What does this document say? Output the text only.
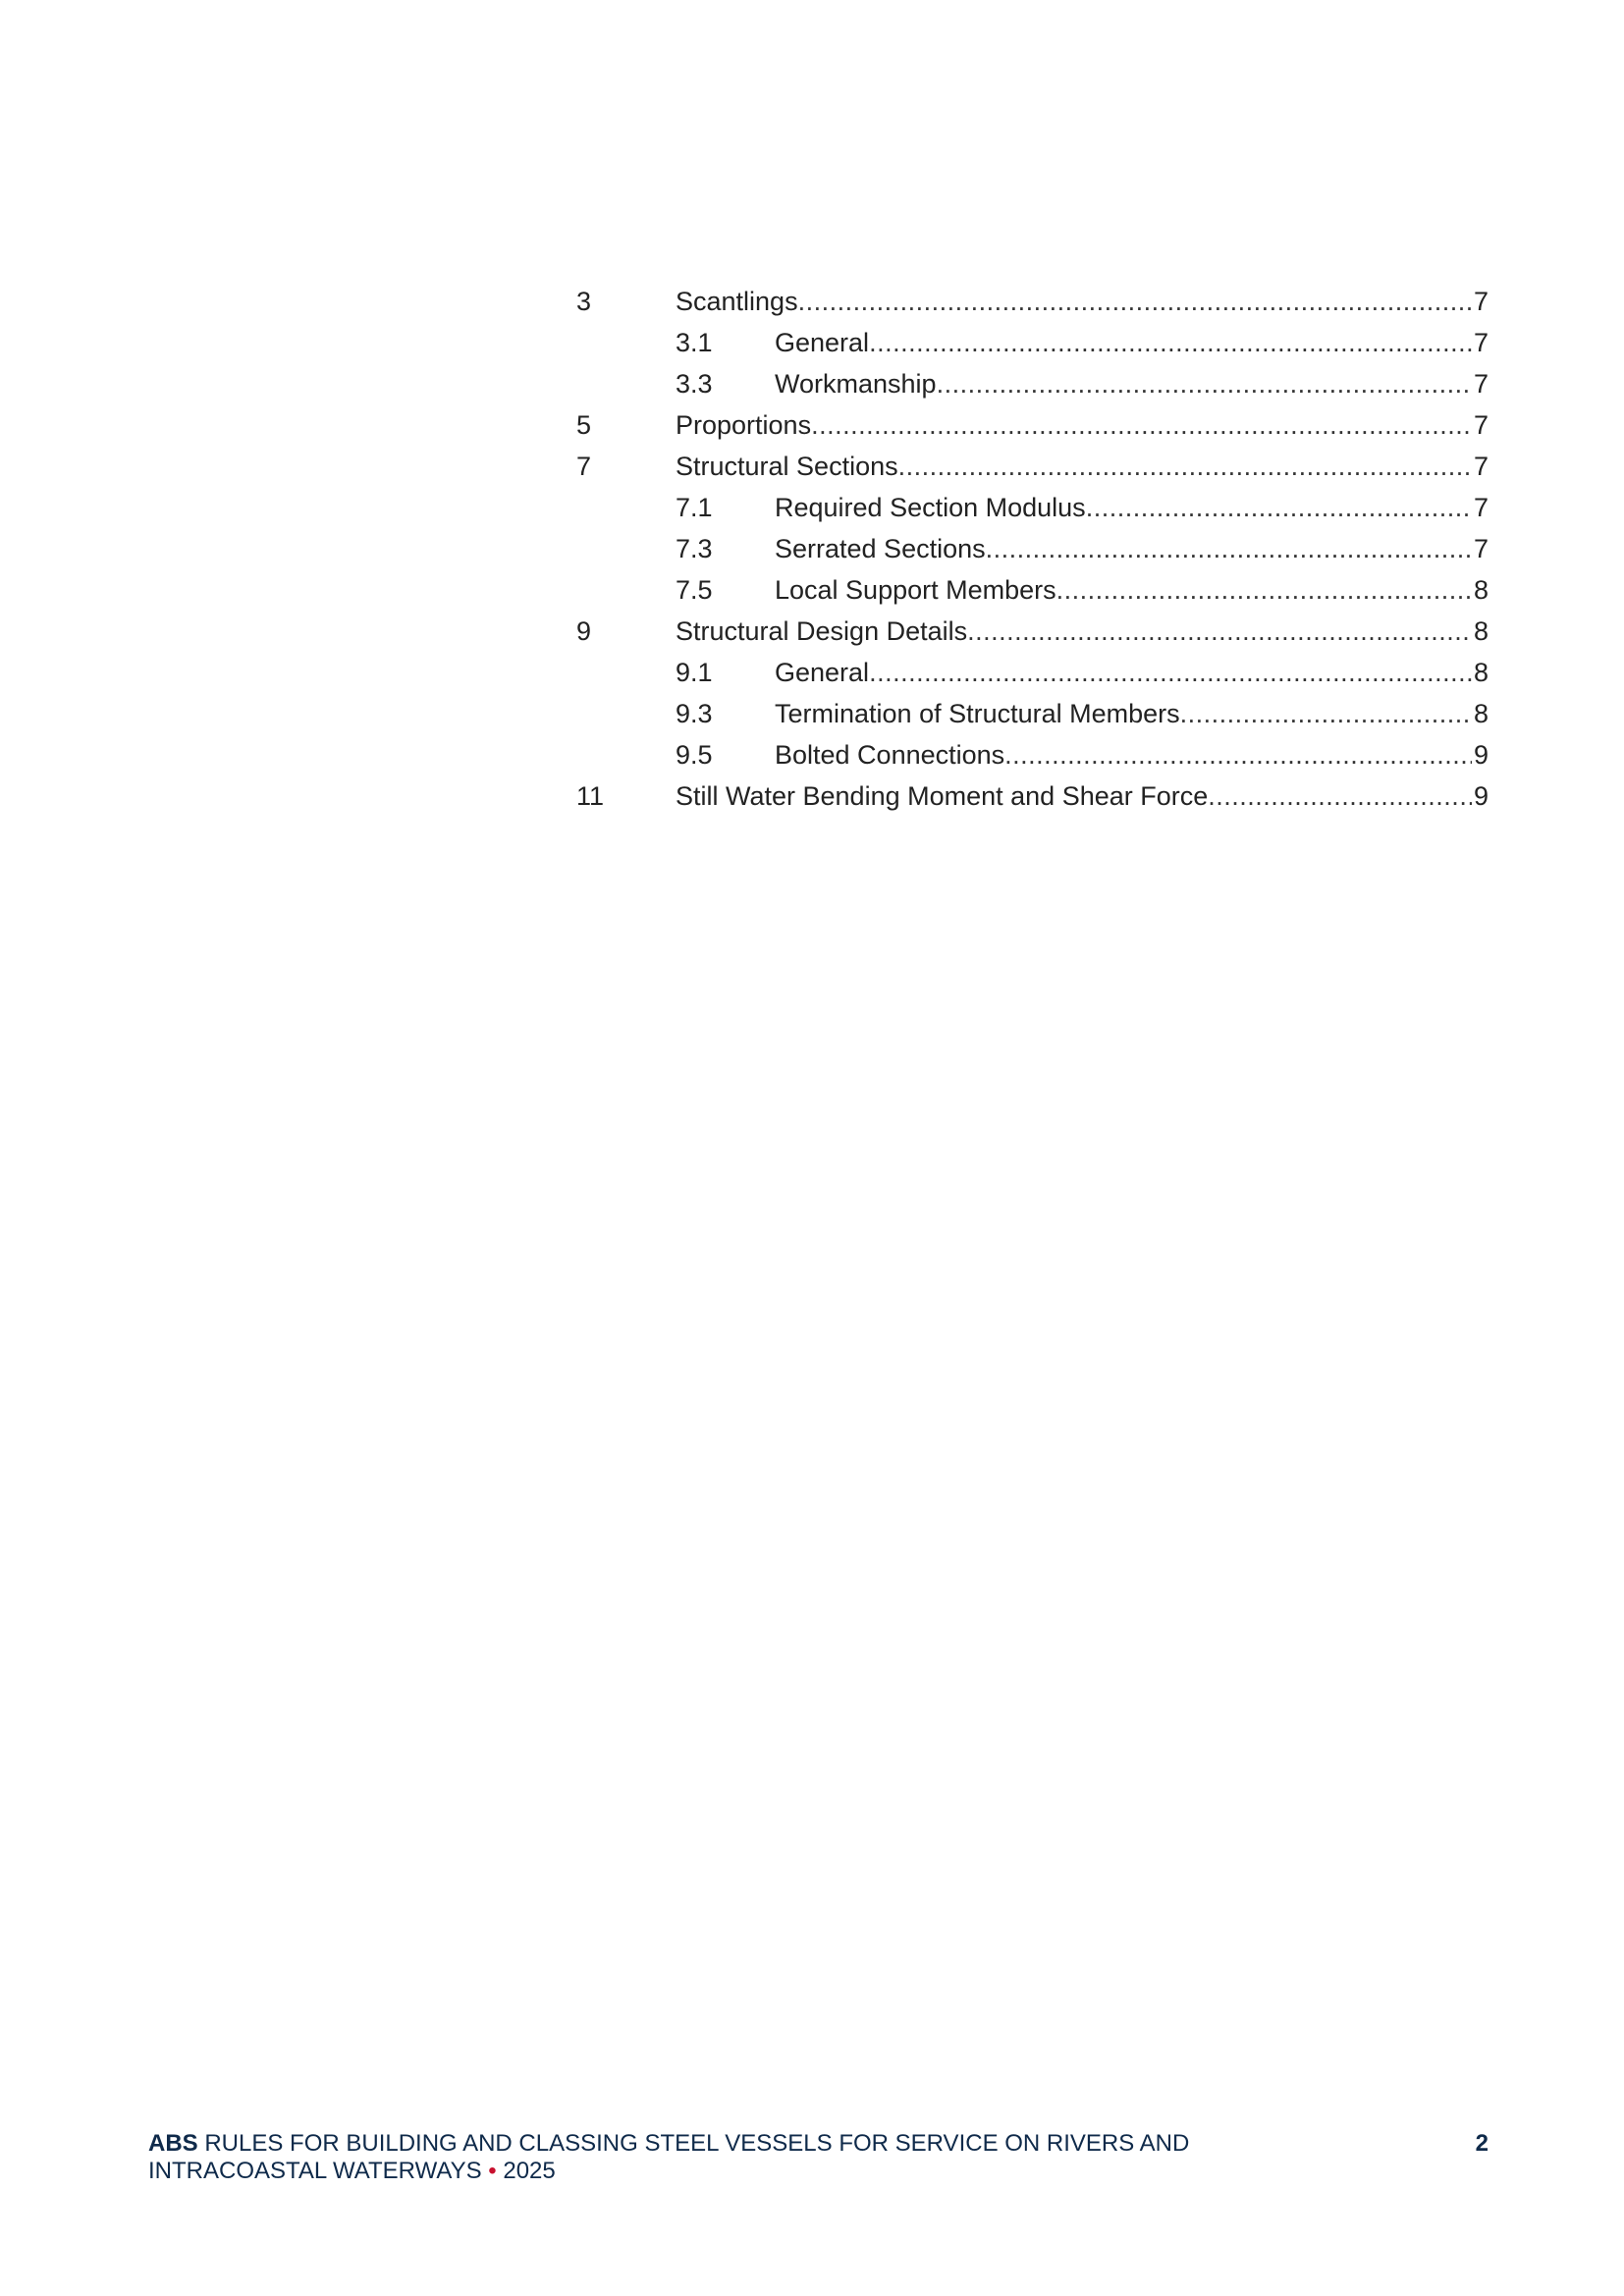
3	Scantlings .....	7
3.1 General .....	7
3.3 Workmanship .....	7
5	Proportions .....	7
7	Structural Sections .....	7
7.1 Required Section Modulus .....	7
7.3 Serrated Sections .....	7
7.5 Local Support Members .....	8
9	Structural Design Details .....	8
9.1 General .....	8
9.3 Termination of Structural Members .....	8
9.5 Bolted Connections .....	9
11	Still Water Bending Moment and Shear Force .....	9
ABS RULES FOR BUILDING AND CLASSING STEEL VESSELS FOR SERVICE ON RIVERS AND
INTRACOASTAL WATERWAYS • 2025
2
